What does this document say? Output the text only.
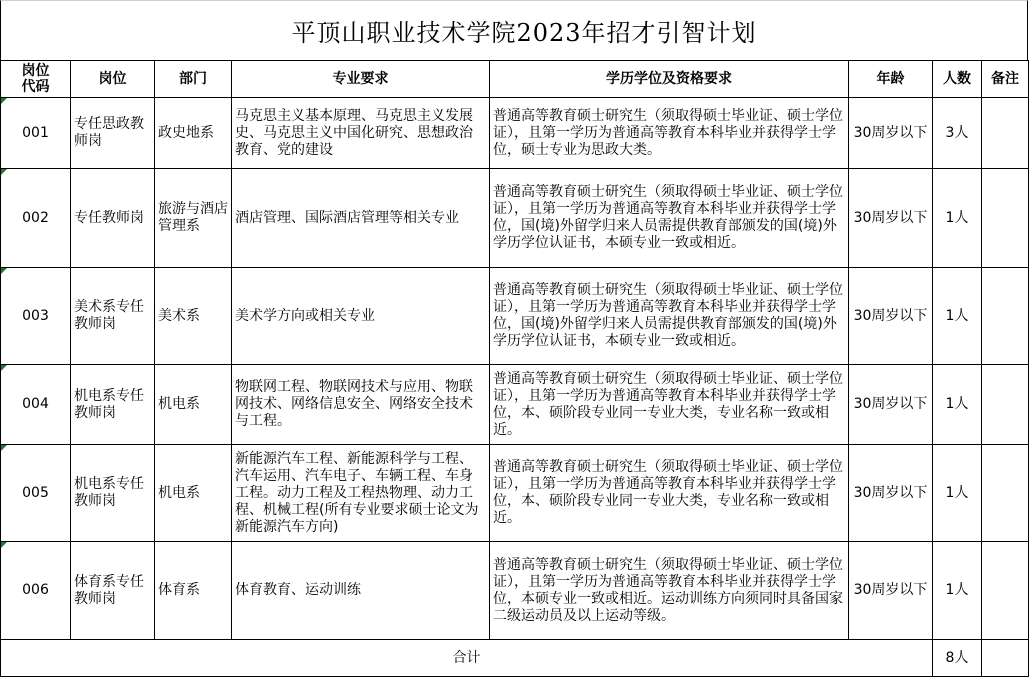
平顶山职业技术学院2023年招才引智计划
岗位
代码	岗位	部门	专业要求	学历学位及资格要求	年龄	人数	备注

001	专任思政教师岗	政史地系	马克思主义基本原理、马克思主义发展史、马克思主义中国化研究、思想政治教育、党的建设	普通高等教育硕士研究生（须取得硕士毕业证、硕士学位证），且第一学历为普通高等教育本科毕业并获得学士学位，硕士专业为思政大类。	30周岁以下	3人	

002	专任教师岗	旅游与酒店管理系	酒店管理、国际酒店管理等相关专业	普通高等教育硕士研究生（须取得硕士毕业证、硕士学位证），且第一学历为普通高等教育本科毕业并获得学士学位，国(境)外留学归来人员需提供教育部颁发的国(境)外学历学位认证书，本硕专业一致或相近。	30周岁以下	1人	

003	美术系专任教师岗	美术系	美术学方向或相关专业	普通高等教育硕士研究生（须取得硕士毕业证、硕士学位证），且第一学历为普通高等教育本科毕业并获得学士学位，国(境)外留学归来人员需提供教育部颁发的国(境)外学历学位认证书，本硕专业一致或相近。	30周岁以下	1人	

004	机电系专任教师岗	机电系	物联网工程、物联网技术与应用、物联网技术、网络信息安全、网络安全技术与工程。	普通高等教育硕士研究生（须取得硕士毕业证、硕士学位证），且第一学历为普通高等教育本科毕业并获得学士学位，本、硕阶段专业同一专业大类，专业名称一致或相近。	30周岁以下	1人	

005	机电系专任教师岗	机电系	新能源汽车工程、新能源科学与工程、汽车运用、汽车电子、车辆工程、车身工程。动力工程及工程热物理、动力工程、机械工程(所有专业要求硕士论文为新能源汽车方向)	普通高等教育硕士研究生（须取得硕士毕业证、硕士学位证），且第一学历为普通高等教育本科毕业并获得学士学位，本、硕阶段专业同一专业大类，专业名称一致或相近。	30周岁以下	1人	

006	体育系专任教师岗	体育系	体育教育、运动训练	普通高等教育硕士研究生（须取得硕士毕业证、硕士学位证），且第一学历为普通高等教育本科毕业并获得学士学位，本硕专业一致或相近。运动训练方向须同时具备国家二级运动员及以上运动等级。	30周岁以下	1人	
合计						8人	
